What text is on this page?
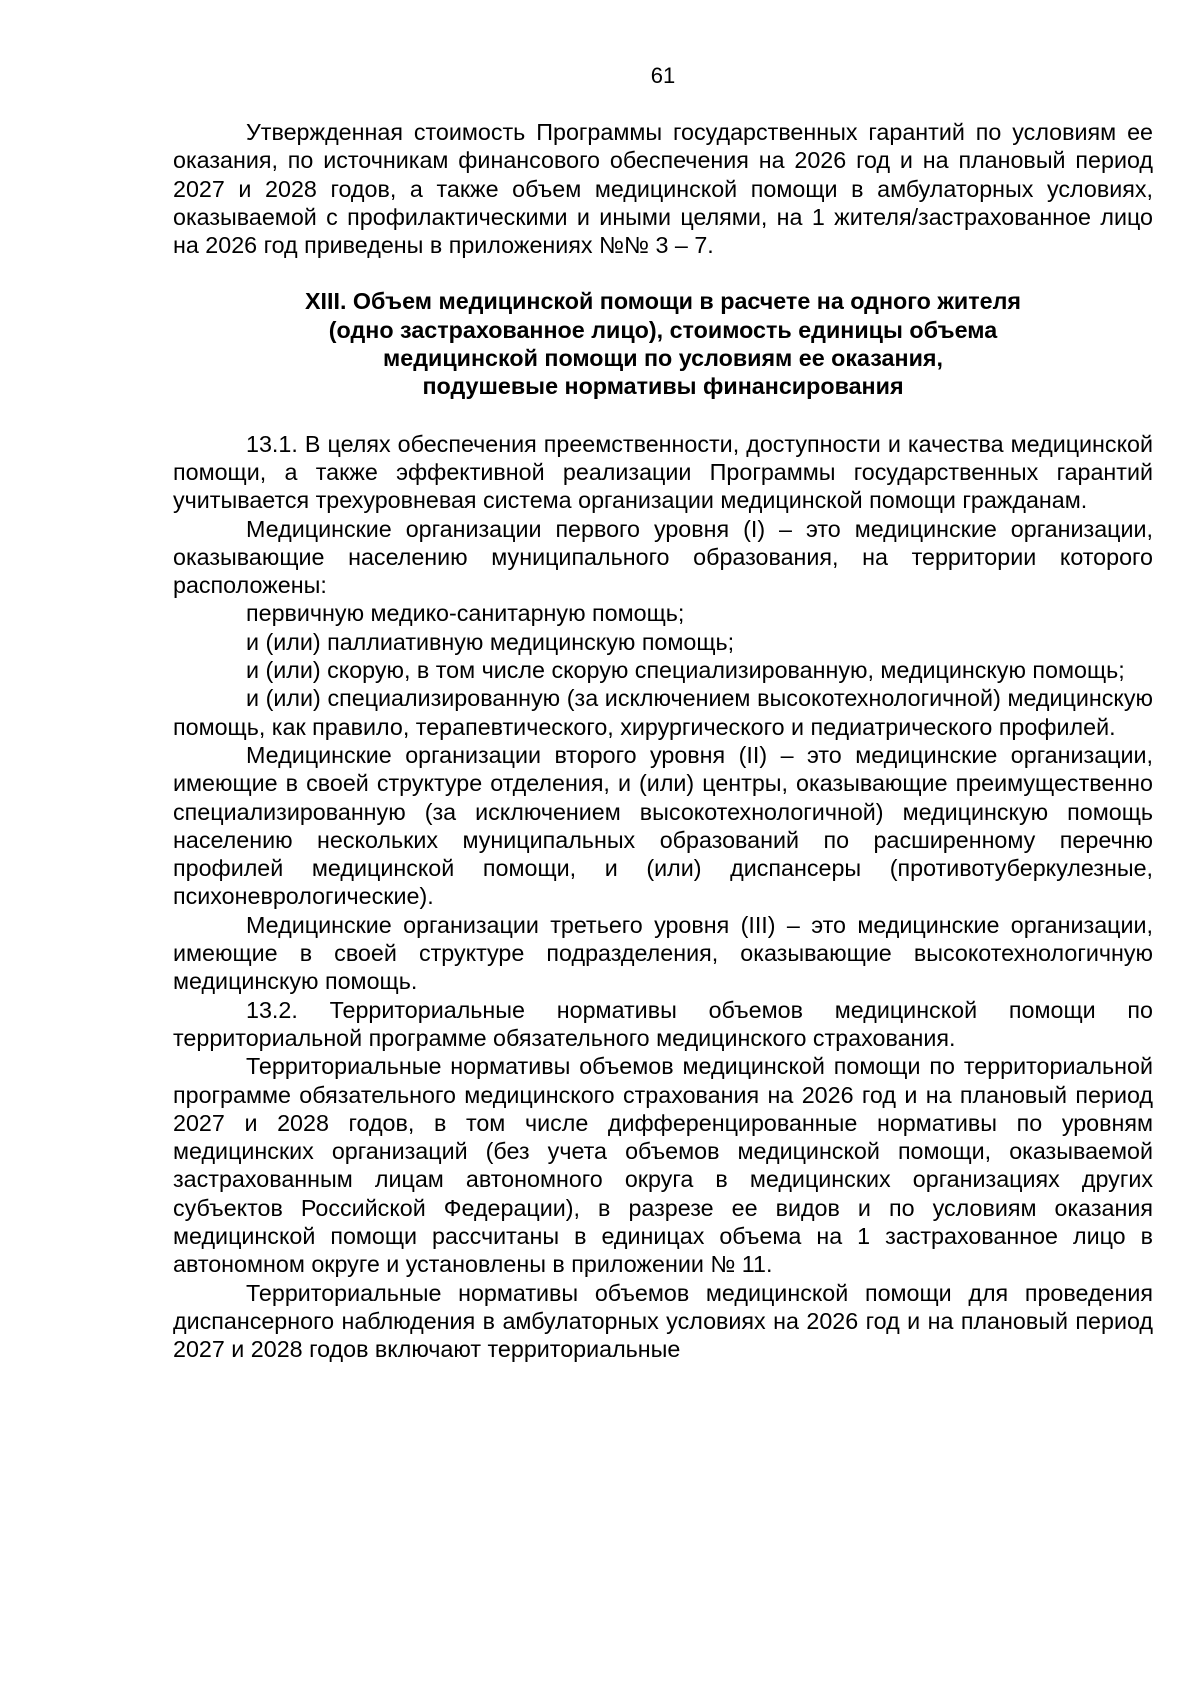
61

Утвержденная стоимость Программы государственных гарантий по условиям ее оказания, по источникам финансового обеспечения на 2026 год и на плановый период 2027 и 2028 годов, а также объем медицинской помощи в амбулаторных условиях, оказываемой с профилактическими и иными целями, на 1 жителя/застрахованное лицо на 2026 год приведены в приложениях №№ 3 – 7.

XIII. Объем медицинской помощи в расчете на одного жителя
(одно застрахованное лицо), стоимость единицы объема
медицинской помощи по условиям ее оказания,
подушевые нормативы финансирования

13.1. В целях обеспечения преемственности, доступности и качества медицинской помощи, а также эффективной реализации Программы государственных гарантий учитывается трехуровневая система организации медицинской помощи гражданам.

Медицинские организации первого уровня (I) – это медицинские организации, оказывающие населению муниципального образования, на территории которого расположены:

первичную медико-санитарную помощь;

и (или) паллиативную медицинскую помощь;

и (или) скорую, в том числе скорую специализированную, медицинскую помощь;

и (или) специализированную (за исключением высокотехнологичной) медицинскую помощь, как правило, терапевтического, хирургического и педиатрического профилей.

Медицинские организации второго уровня (II) – это медицинские организации, имеющие в своей структуре отделения, и (или) центры, оказывающие преимущественно специализированную (за исключением высокотехнологичной) медицинскую помощь населению нескольких муниципальных образований по расширенному перечню профилей медицинской помощи, и (или) диспансеры (противотуберкулезные, психоневрологические).

Медицинские организации третьего уровня (III) – это медицинские организации, имеющие в своей структуре подразделения, оказывающие высокотехнологичную медицинскую помощь.

13.2. Территориальные нормативы объемов медицинской помощи по территориальной программе обязательного медицинского страхования.

Территориальные нормативы объемов медицинской помощи по территориальной программе обязательного медицинского страхования на 2026 год и на плановый период 2027 и 2028 годов, в том числе дифференцированные нормативы по уровням медицинских организаций (без учета объемов медицинской помощи, оказываемой застрахованным лицам автономного округа в медицинских организациях других субъектов Российской Федерации), в разрезе ее видов и по условиям оказания медицинской помощи рассчитаны в единицах объема на 1 застрахованное лицо в автономном округе и установлены в приложении № 11.

Территориальные нормативы объемов медицинской помощи для проведения диспансерного наблюдения в амбулаторных условиях на 2026 год и на плановый период 2027 и 2028 годов включают территориальные
